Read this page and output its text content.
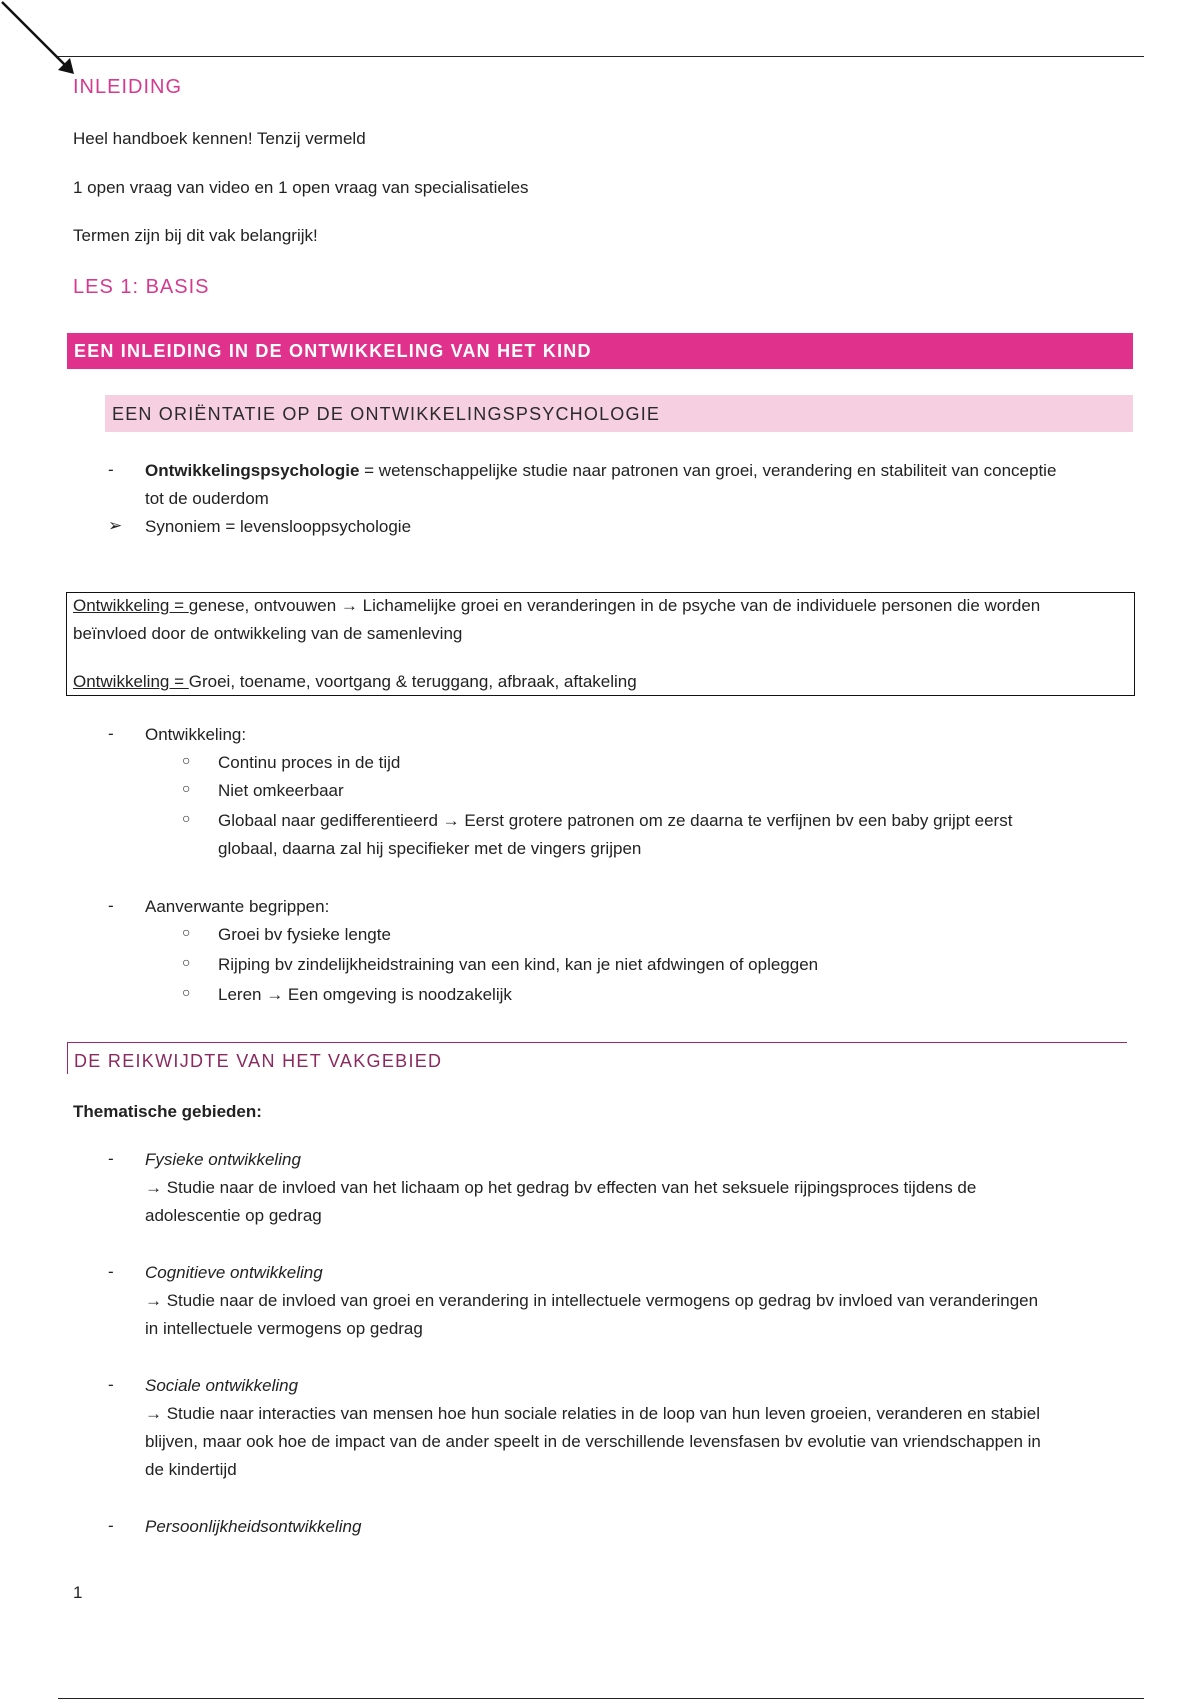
INLEIDING
Heel handboek kennen! Tenzij vermeld
1 open vraag van video en 1 open vraag van specialisatieles
Termen zijn bij dit vak belangrijk!
LES 1: BASIS
EEN INLEIDING IN DE ONTWIKKELING VAN HET KIND
EEN ORIËNTATIE OP DE ONTWIKKELINGSPSYCHOLOGIE
- Ontwikkelingspsychologie = wetenschappelijke studie naar patronen van groei, verandering en stabiliteit van conceptie
tot de ouderdom
➢ Synoniem = levenslooppsychologie
Ontwikkeling = genese, ontvouwen → Lichamelijke groei en veranderingen in de psyche van de individuele personen die worden
beïnvloed door de ontwikkeling van de samenleving
Ontwikkeling = Groei, toename, voortgang & teruggang, afbraak, aftakeling
- Ontwikkeling:
○ Continu proces in de tijd
○ Niet omkeerbaar
○ Globaal naar gedifferentieerd → Eerst grotere patronen om ze daarna te verfijnen bv een baby grijpt eerst
globaal, daarna zal hij specifieker met de vingers grijpen
- Aanverwante begrippen:
○ Groei bv fysieke lengte
○ Rijping bv zindelijkheidstraining van een kind, kan je niet afdwingen of opleggen
○ Leren → Een omgeving is noodzakelijk
DE REIKWIJDTE VAN HET VAKGEBIED
Thematische gebieden:
- Fysieke ontwikkeling
→ Studie naar de invloed van het lichaam op het gedrag bv effecten van het seksuele rijpingsproces tijdens de
adolescentie op gedrag
- Cognitieve ontwikkeling
→ Studie naar de invloed van groei en verandering in intellectuele vermogens op gedrag bv invloed van veranderingen
in intellectuele vermogens op gedrag
- Sociale ontwikkeling
→ Studie naar interacties van mensen hoe hun sociale relaties in de loop van hun leven groeien, veranderen en stabiel
blijven, maar ook hoe de impact van de ander speelt in de verschillende levensfasen bv evolutie van vriendschappen in
de kindertijd
- Persoonlijkheidsontwikkeling
1
